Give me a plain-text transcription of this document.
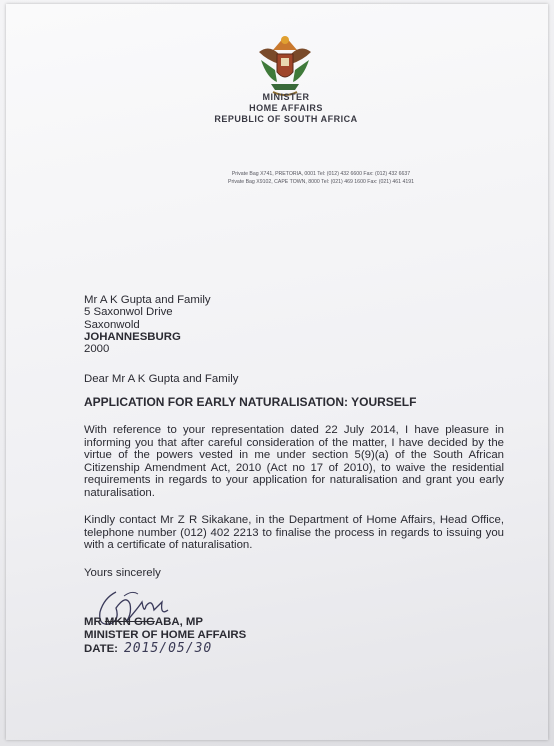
MINISTER
HOME AFFAIRS
REPUBLIC OF SOUTH AFRICA
Private Bag X741, PRETORIA, 0001 Tel: (012) 432 6600 Fax: (012) 432 6637
Private Bag X9102, CAPE TOWN, 8000 Tel: (021) 469 1600 Fax: (021) 461 4191
Mr A K Gupta and Family
5 Saxonwol Drive
Saxonwold
JOHANNESBURG
2000
Dear Mr A K Gupta and Family
APPLICATION FOR EARLY NATURALISATION: YOURSELF
With reference to your representation dated 22 July 2014, I have pleasure in informing you that after careful consideration of the matter, I have decided by the virtue of the powers vested in me under section 5(9)(a) of the South African Citizenship Amendment Act, 2010 (Act no 17 of 2010), to waive the residential requirements in regards to your application for naturalisation and grant you early naturalisation.
Kindly contact Mr Z R Sikakane, in the Department of Home Affairs, Head Office, telephone number (012) 402 2213 to finalise the process in regards to issuing you with a certificate of naturalisation.
Yours sincerely
MR MKN GIGABA, MP
MINISTER OF HOME AFFAIRS
DATE: 2015/05/30
